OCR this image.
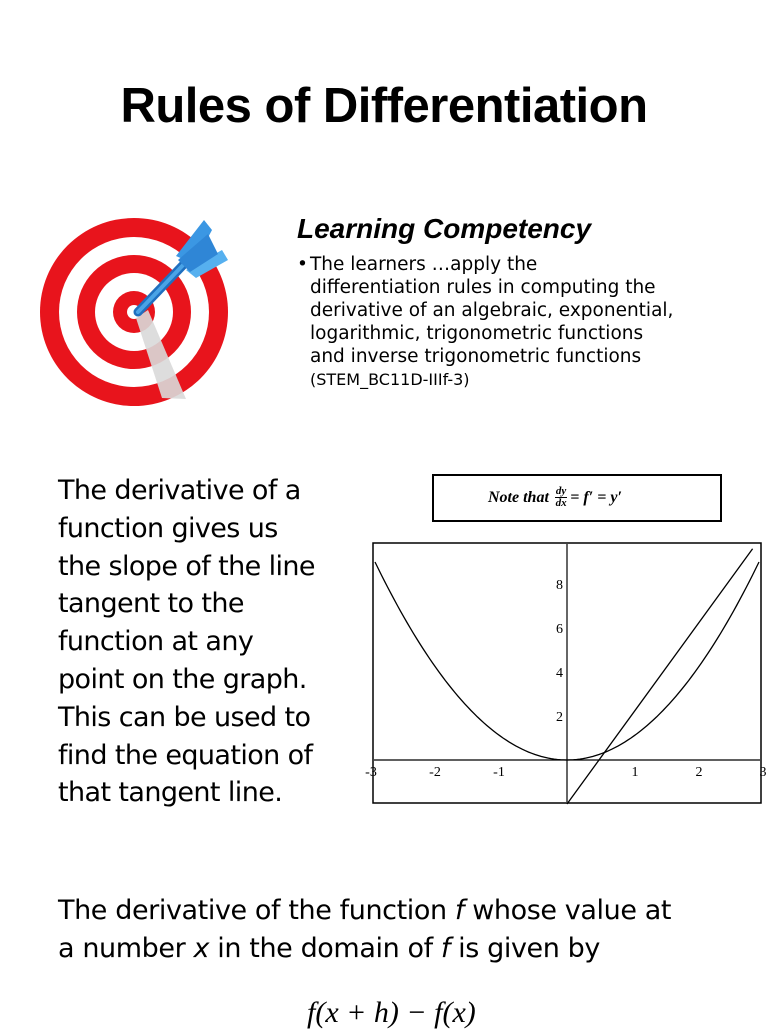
Rules of Differentiation
Learning Competency
• The learners …apply the
differentiation rules in computing the
derivative of an algebraic, exponential,
logarithmic, trigonometric functions
and inverse trigonometric functions
(STEM_BC11D-IIIf-3)
The derivative of a
function gives us
the slope of the line
tangent to the
function at any
point on the graph.
This can be used to
find the equation of
that tangent line.
Note that $\frac{dy}{dx} = f' = y'$
-3	-2	-1	1	2	3
2
4
6
8
The derivative of the function f whose value at
a number x in the domain of f is given by
f(x + h) − f(x)
